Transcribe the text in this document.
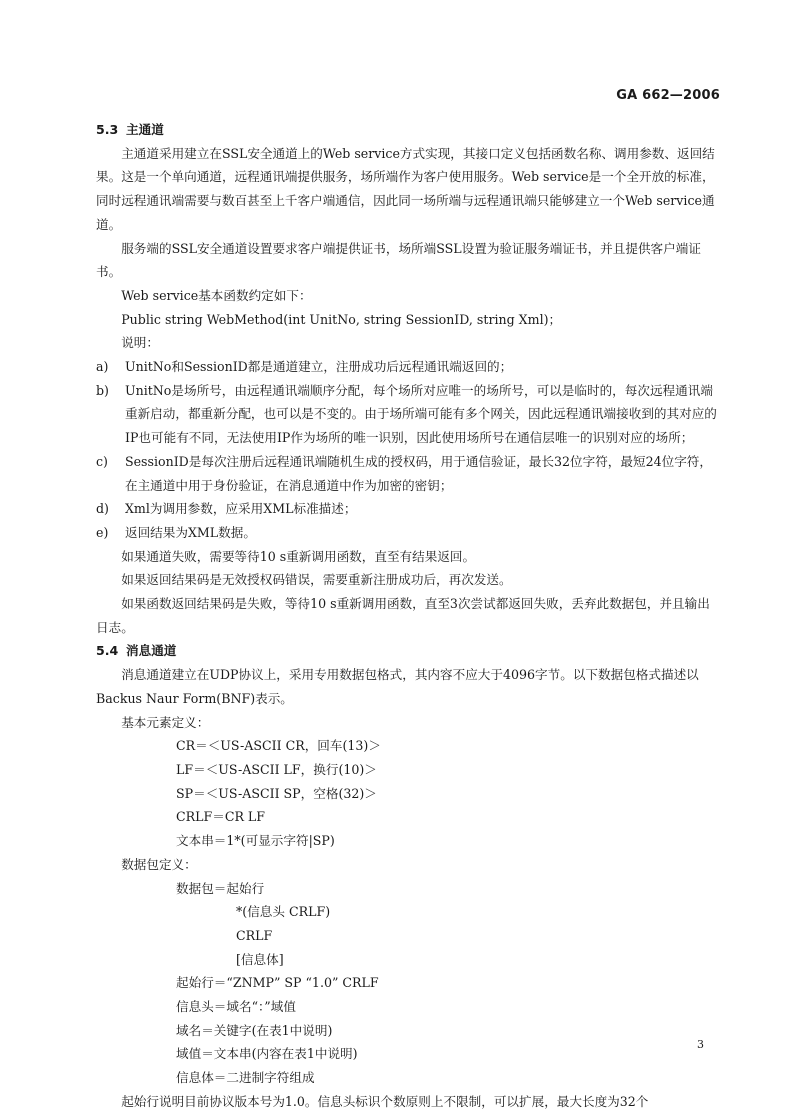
GA 662—2006
5.3 主通道

主通道采用建立在SSL安全通道上的Web service方式实现，其接口定义包括函数名称、调用参数、返回结果。这是一个单向通道，远程通讯端提供服务，场所端作为客户使用服务。Web service是一个全开放的标准，同时远程通讯端需要与数百甚至上千客户端通信，因此同一场所端与远程通讯端只能够建立一个Web service通道。

服务端的SSL安全通道设置要求客户端提供证书，场所端SSL设置为验证服务端证书，并且提供客户端证书。

Web service基本函数约定如下：

Public string WebMethod(int UnitNo, string SessionID, string Xml)；

说明：

a) UnitNo和SessionID都是通道建立，注册成功后远程通讯端返回的；
b) UnitNo是场所号，由远程通讯端顺序分配，每个场所对应唯一的场所号，可以是临时的，每次远程通讯端重新启动，都重新分配，也可以是不变的。由于场所端可能有多个网关，因此远程通讯端接收到的其对应的IP也可能有不同，无法使用IP作为场所的唯一识别，因此使用场所号在通信层唯一的识别对应的场所；
c) SessionID是每次注册后远程通讯端随机生成的授权码，用于通信验证，最长32位字符，最短24位字符，在主通道中用于身份验证，在消息通道中作为加密的密钥；
d) Xml为调用参数，应采用XML标准描述；
e) 返回结果为XML数据。

如果通道失败，需要等待10 s重新调用函数，直至有结果返回。

如果返回结果码是无效授权码错误，需要重新注册成功后，再次发送。

如果函数返回结果码是失败，等待10 s重新调用函数，直至3次尝试都返回失败，丢弃此数据包，并且输出日志。

5.4 消息通道

消息通道建立在UDP协议上，采用专用数据包格式，其内容不应大于4096字节。以下数据包格式描述以Backus Naur Form(BNF)表示。

基本元素定义：

CR＝＜US-ASCII CR，回车(13)＞

LF＝＜US-ASCII LF，换行(10)＞

SP＝＜US-ASCII SP，空格(32)＞

CRLF＝CR LF

文本串＝1*(可显示字符|SP)

数据包定义：

数据包＝起始行

*(信息头 CRLF)

CRLF

[信息体]

起始行＝“ZNMP” SP “1.0” CRLF

信息头＝域名“：”域值

域名＝关键字(在表1中说明)

域值＝文本串(内容在表1中说明)

信息体＝二进制字符组成

起始行说明目前协议版本号为1.0。信息头标识个数原则上不限制，可以扩展，最大长度为32个

3
